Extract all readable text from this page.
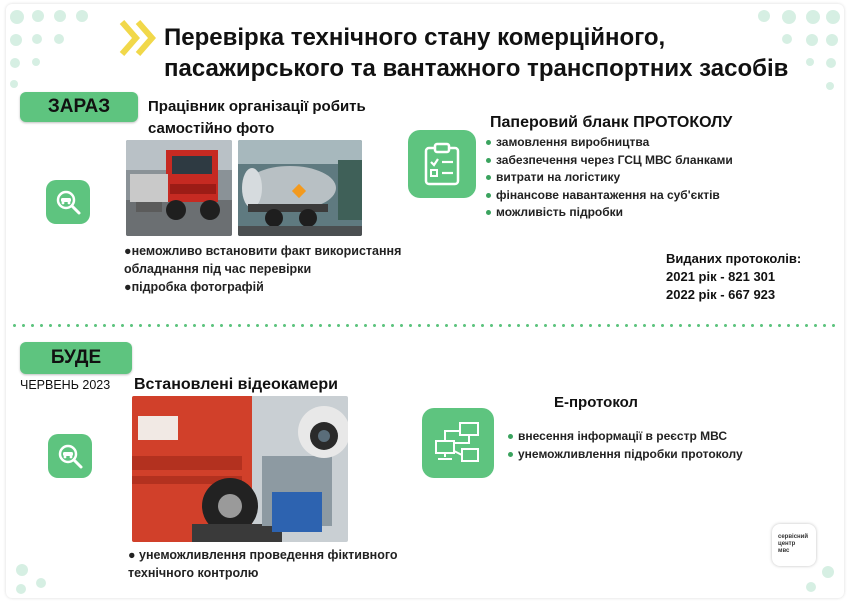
Перевірка технічного стану комерційного,
пасажирського та вантажного транспортних засобів
ЗАРАЗ	Працівник організації робить
самостійно фото
●неможливо встановити факт використання
обладнання під час перевірки
●підробка фотографій
Паперовий бланк ПРОТОКОЛУ
замовлення виробництва
забезпечення через ГСЦ МВС бланками
витрати на логістику
фінансове навантаження на суб'єктів
можливість підробки
Виданих протоколів:
2021 рік - 821 301
2022 рік - 667 923
БУДЕ
ЧЕРВЕНЬ 2023 Встановлені відеокамери
● унеможливлення проведення фіктивного
технічного контролю
Е-протокол
внесення інформації в реєстр МВС
унеможливлення підробки протоколу
сервісний
центр
мвс
